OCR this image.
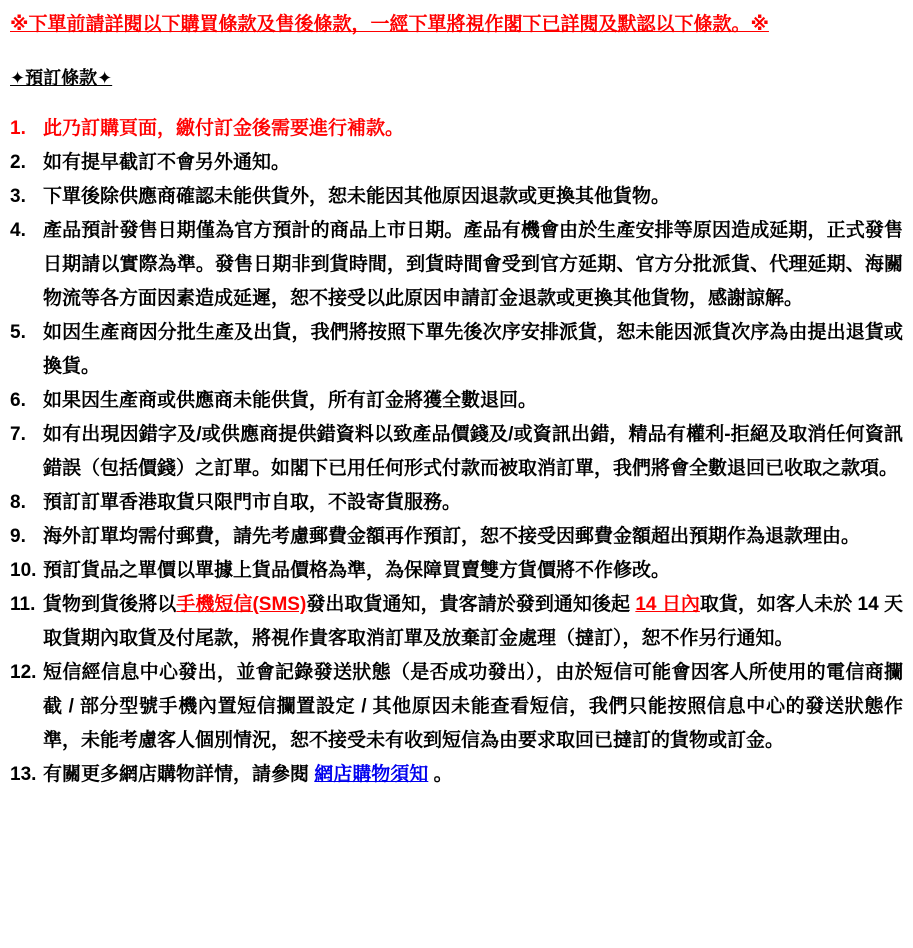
※下單前請詳閱以下購買條款及售後條款，一經下單將視作閣下已詳閱及默認以下條款。※
✦預訂條款✦
1. 此乃訂購頁面，繳付訂金後需要進行補款。
2. 如有提早截訂不會另外通知。
3. 下單後除供應商確認未能供貨外，恕未能因其他原因退款或更換其他貨物。
4. 產品預計發售日期僅為官方預計的商品上市日期。產品有機會由於生產安排等原因造成延期，正式發售日期請以實際為準。發售日期非到貨時間，到貨時間會受到官方延期、官方分批派貨、代理延期、海關物流等各方面因素造成延遲，恕不接受以此原因申請訂金退款或更換其他貨物，感謝諒解。
5. 如因生產商因分批生產及出貨，我們將按照下單先後次序安排派貨，恕未能因派貨次序為由提出退貨或換貨。
6. 如果因生產商或供應商未能供貨，所有訂金將獲全數退回。
7. 如有出現因錯字及/或供應商提供錯資料以致產品價錢及/或資訊出錯，精品有權利-拒絕及取消任何資訊錯誤（包括價錢）之訂單。如閣下已用任何形式付款而被取消訂單，我們將會全數退回已收取之款項。
8. 預訂訂單香港取貨只限門市自取，不設寄貨服務。
9. 海外訂單均需付郵費，請先考慮郵費金額再作預訂，恕不接受因郵費金額超出預期作為退款理由。
10. 預訂貨品之單價以單據上貨品價格為準，為保障買賣雙方貨價將不作修改。
11. 貨物到貨後將以手機短信(SMS)發出取貨通知，貴客請於發到通知後起 14 日內取貨，如客人未於 14 天取貨期內取貨及付尾款，將視作貴客取消訂單及放棄訂金處理（撻訂），恕不作另行通知。
12. 短信經信息中心發出，並會記錄發送狀態（是否成功發出），由於短信可能會因客人所使用的電信商攔截 / 部分型號手機內置短信攔置設定 / 其他原因未能查看短信，我們只能按照信息中心的發送狀態作準，未能考慮客人個別情況，恕不接受未有收到短信為由要求取回已撻訂的貨物或訂金。
13. 有關更多網店購物詳情，請參閱 網店購物須知 。
